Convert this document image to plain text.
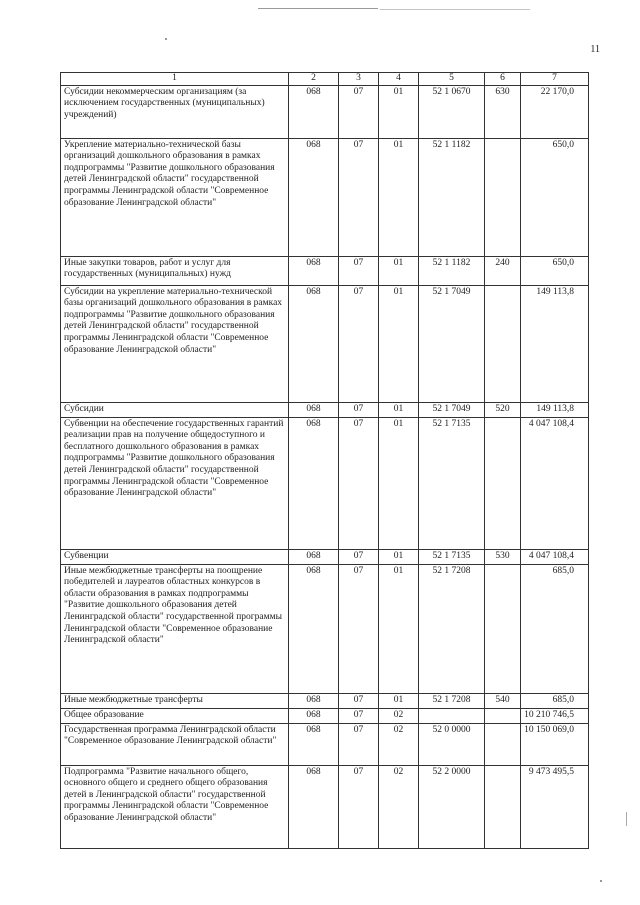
11
1	2	3	4	5	6	7
Субсидии некоммерческим организациям (за исключением государственных (муниципальных) учреждений)	068	07	01	52 1 0670	630	22 170,0
Укрепление материально-технической базы организаций дошкольного образования в рамках подпрограммы "Развитие дошкольного образования детей Ленинградской области" государственной программы Ленинградской области "Современное образование Ленинградской области"	068	07	01	52 1 1182		650,0
Иные закупки товаров, работ и услуг для государственных (муниципальных) нужд	068	07	01	52 1 1182	240	650,0
Субсидии на укрепление материально-технической базы организаций дошкольного образования в рамках подпрограммы "Развитие дошкольного образования детей Ленинградской области" государственной программы Ленинградской области "Современное образование Ленинградской области"	068	07	01	52 1 7049		149 113,8
Субсидии	068	07	01	52 1 7049	520	149 113,8
Субвенции на обеспечение государственных гарантий реализации прав на получение общедоступного и бесплатного дошкольного образования в рамках подпрограммы "Развитие дошкольного образования детей Ленинградской области" государственной программы Ленинградской области "Современное образование Ленинградской области"	068	07	01	52 1 7135		4 047 108,4
Субвенции	068	07	01	52 1 7135	530	4 047 108,4
Иные межбюджетные трансферты на поощрение победителей и лауреатов областных конкурсов в области образования в рамках подпрограммы "Развитие дошкольного образования детей Ленинградской области" государственной программы Ленинградской области "Современное образование Ленинградской области"	068	07	01	52 1 7208		685,0
Иные межбюджетные трансферты	068	07	01	52 1 7208	540	685,0
Общее образование	068	07	02			10 210 746,5
Государственная программа Ленинградской области "Современное образование Ленинградской области"	068	07	02	52 0 0000		10 150 069,0
Подпрограмма "Развитие начального общего, основного общего и среднего общего образования детей в Ленинградской области" государственной программы Ленинградской области "Современное образование Ленинградской области"	068	07	02	52 2 0000		9 473 495,5
